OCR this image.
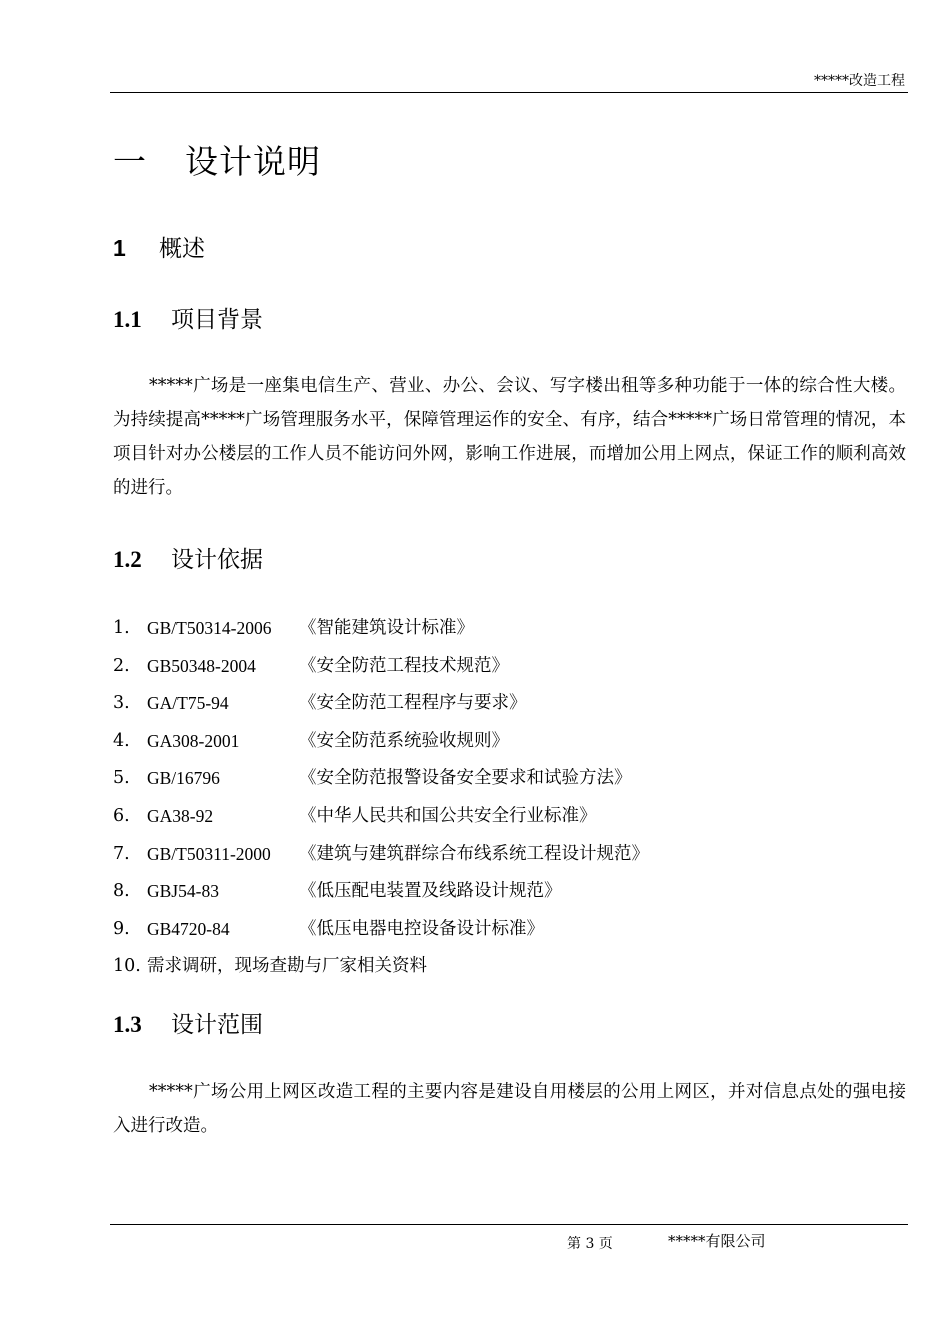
*****改造工程
一 设计说明
1 概述
1.1 项目背景

*****广场是一座集电信生产、营业、办公、会议、写字楼出租等多种功能于一体的综合性大楼。为持续提高*****广场管理服务水平，保障管理运作的安全、有序，结合*****广场日常管理的情况，本项目针对办公楼层的工作人员不能访问外网，影响工作进展，而增加公用上网点，保证工作的顺利高效的进行。

1.2 设计依据
1. GB/T50314-2006	《智能建筑设计标准》
2. GB50348-2004	《安全防范工程技术规范》
3. GA/T75-94	《安全防范工程程序与要求》
4. GA308-2001	《安全防范系统验收规则》
5. GB/16796	《安全防范报警设备安全要求和试验方法》
6. GA38-92	《中华人民共和国公共安全行业标准》
7. GB/T50311-2000	《建筑与建筑群综合布线系统工程设计规范》
8. GBJ54-83	《低压配电装置及线路设计规范》
9. GB4720-84	《低压电器电控设备设计标准》
10. 需求调研，现场查勘与厂家相关资料
1.3 设计范围

*****广场公用上网区改造工程的主要内容是建设自用楼层的公用上网区，并对信息点处的强电接入进行改造。

第 3 页	*****有限公司
